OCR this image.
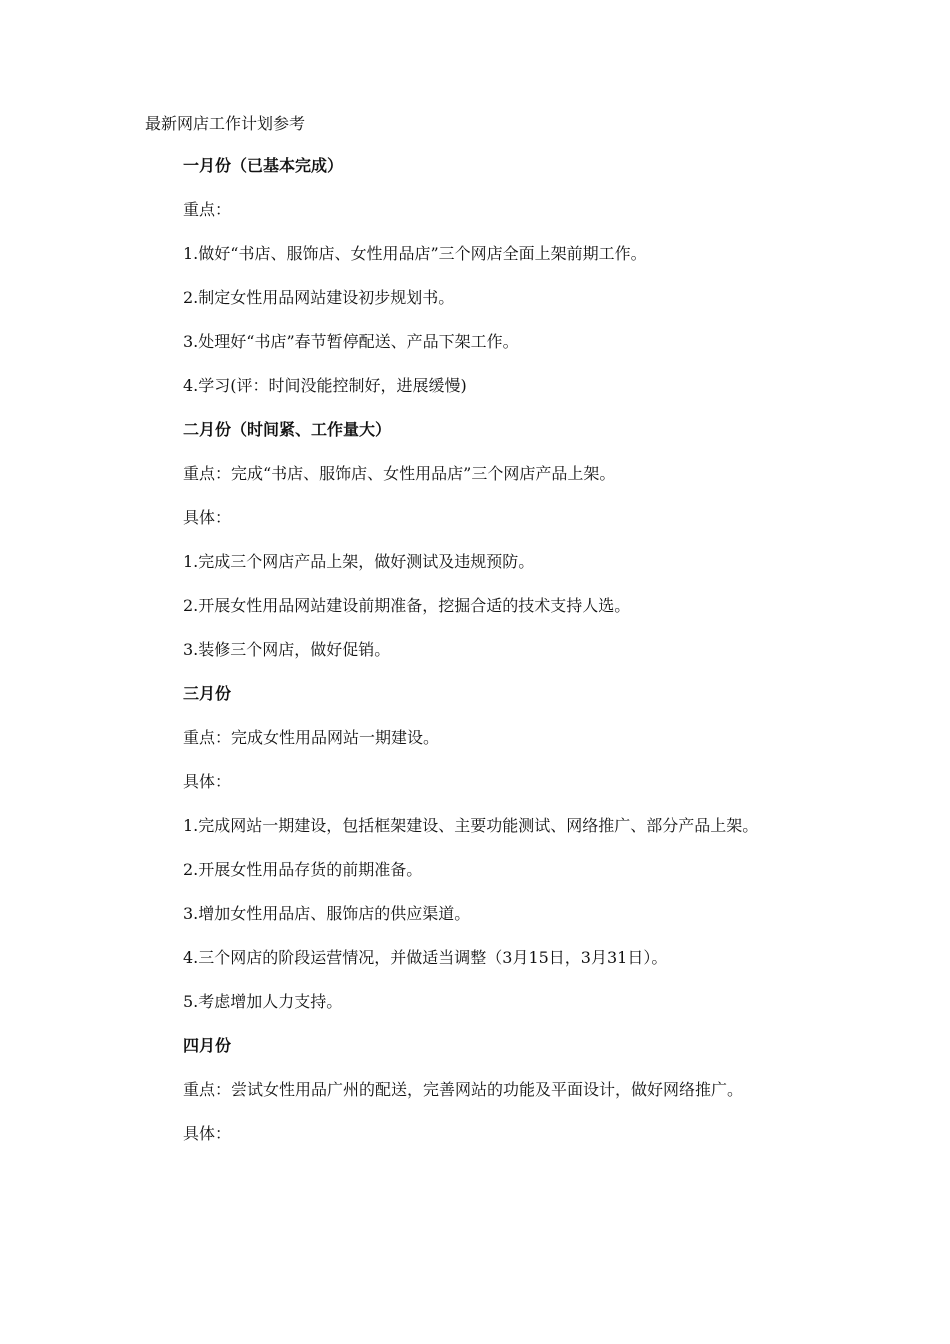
最新网店工作计划参考

一月份（已基本完成）

重点：

1.做好“书店、服饰店、女性用品店”三个网店全面上架前期工作。

2.制定女性用品网站建设初步规划书。

3.处理好“书店”春节暂停配送、产品下架工作。

4.学习(评：时间没能控制好，进展缓慢)

二月份（时间紧、工作量大）

重点：完成“书店、服饰店、女性用品店”三个网店产品上架。

具体：

1.完成三个网店产品上架，做好测试及违规预防。

2.开展女性用品网站建设前期准备，挖掘合适的技术支持人选。

3.装修三个网店，做好促销。

三月份

重点：完成女性用品网站一期建设。

具体：

1.完成网站一期建设，包括框架建设、主要功能测试、网络推广、部分产品上架。

2.开展女性用品存货的前期准备。

3.增加女性用品店、服饰店的供应渠道。

4.三个网店的阶段运营情况，并做适当调整（3月15日，3月31日）。

5.考虑增加人力支持。

四月份

重点：尝试女性用品广州的配送，完善网站的功能及平面设计，做好网络推广。

具体：
